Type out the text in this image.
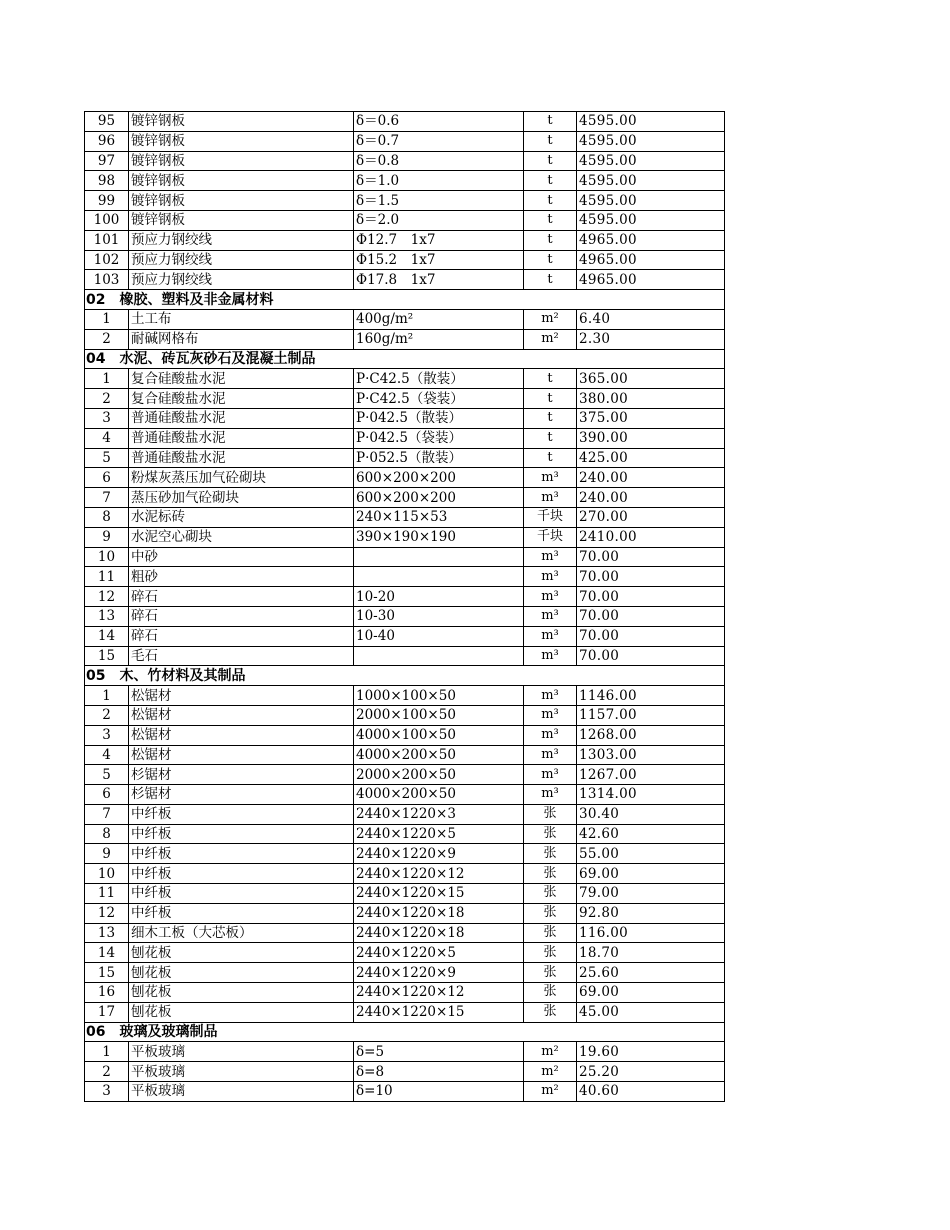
95	镀锌钢板	δ＝0.6	t	4595.00
96	镀锌钢板	δ＝0.7	t	4595.00
97	镀锌钢板	δ＝0.8	t	4595.00
98	镀锌钢板	δ＝1.0	t	4595.00
99	镀锌钢板	δ＝1.5	t	4595.00
100	镀锌钢板	δ＝2.0	t	4595.00
101	预应力钢绞线	Φ12.7　1x7	t	4965.00
102	预应力钢绞线	Φ15.2　1x7	t	4965.00
103	预应力钢绞线	Φ17.8　1x7	t	4965.00
02　橡胶、塑料及非金属材料				
1	土工布	400g/m²	m²	6.40
2	耐碱网格布	160g/m²	m²	2.30
04　水泥、砖瓦灰砂石及混凝土制品				
1	复合硅酸盐水泥	P·C42.5（散装）	t	365.00
2	复合硅酸盐水泥	P·C42.5（袋装）	t	380.00
3	普通硅酸盐水泥	P·042.5（散装）	t	375.00
4	普通硅酸盐水泥	P·042.5（袋装）	t	390.00
5	普通硅酸盐水泥	P·052.5（散装）	t	425.00
6	粉煤灰蒸压加气砼砌块	600×200×200	m³	240.00
7	蒸压砂加气砼砌块	600×200×200	m³	240.00
8	水泥标砖	240×115×53	千块	270.00
9	水泥空心砌块	390×190×190	千块	2410.00
10	中砂		m³	70.00
11	粗砂		m³	70.00
12	碎石	10-20	m³	70.00
13	碎石	10-30	m³	70.00
14	碎石	10-40	m³	70.00
15	毛石		m³	70.00
05　木、竹材料及其制品				
1	松锯材	1000×100×50	m³	1146.00
2	松锯材	2000×100×50	m³	1157.00
3	松锯材	4000×100×50	m³	1268.00
4	松锯材	4000×200×50	m³	1303.00
5	杉锯材	2000×200×50	m³	1267.00
6	杉锯材	4000×200×50	m³	1314.00
7	中纤板	2440×1220×3	张	30.40
8	中纤板	2440×1220×5	张	42.60
9	中纤板	2440×1220×9	张	55.00
10	中纤板	2440×1220×12	张	69.00
11	中纤板	2440×1220×15	张	79.00
12	中纤板	2440×1220×18	张	92.80
13	细木工板（大芯板）	2440×1220×18	张	116.00
14	刨花板	2440×1220×5	张	18.70
15	刨花板	2440×1220×9	张	25.60
16	刨花板	2440×1220×12	张	69.00
17	刨花板	2440×1220×15	张	45.00
06　玻璃及玻璃制品				
1	平板玻璃	δ=5	m²	19.60
2	平板玻璃	δ=8	m²	25.20
3	平板玻璃	δ=10	m²	40.60
